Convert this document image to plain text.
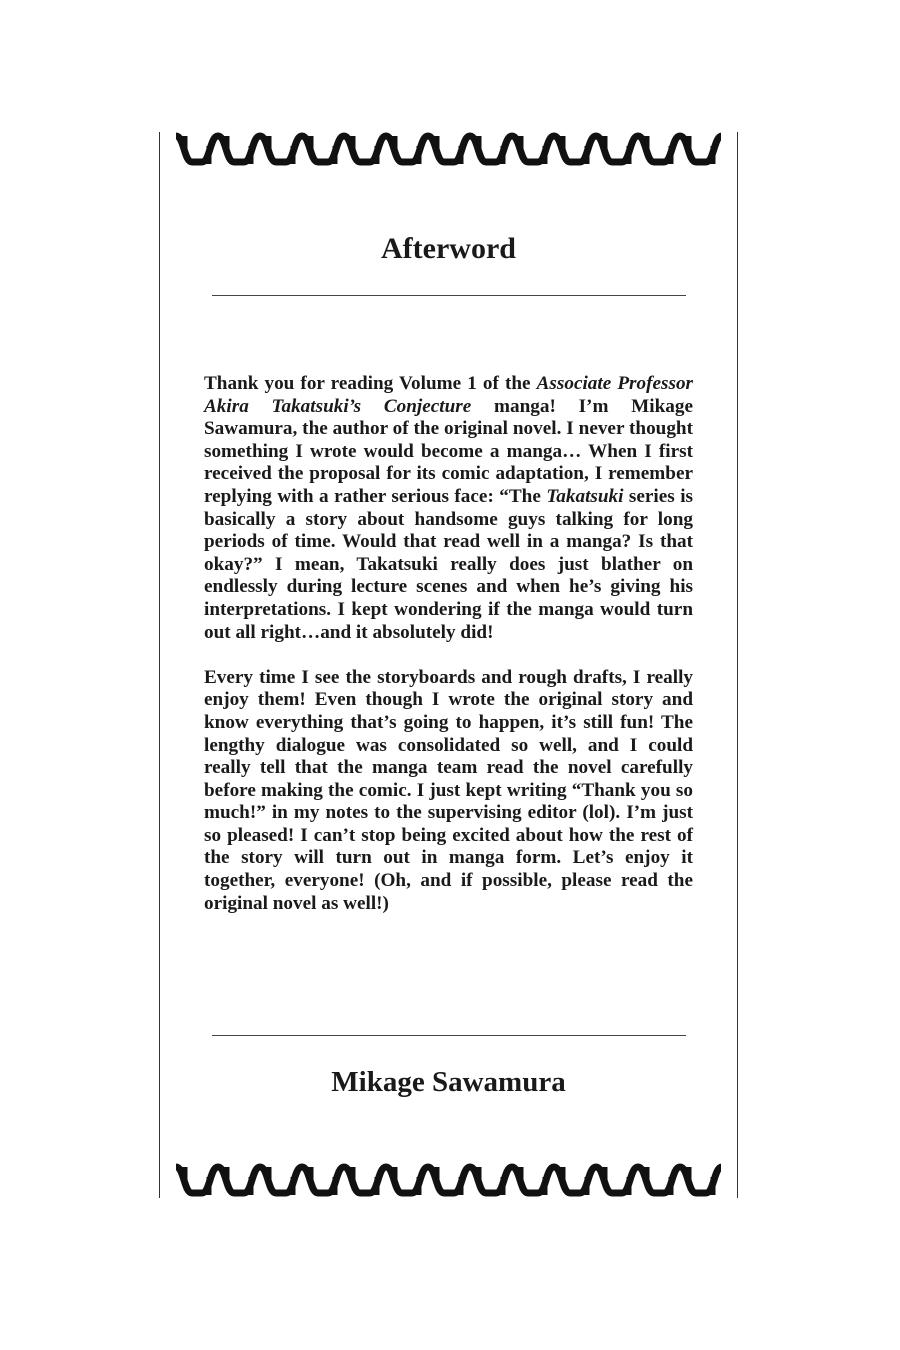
Afterword

Thank you for reading Volume 1 of the Associate Professor Akira Takatsuki’s Conjecture manga! I’m Mikage Sawamura, the author of the original novel. I never thought something I wrote would become a manga… When I first received the proposal for its comic adaptation, I remember replying with a rather serious face: “The Takatsuki series is basically a story about handsome guys talking for long periods of time. Would that read well in a manga? Is that okay?” I mean, Takatsuki really does just blather on endlessly during lecture scenes and when he’s giving his interpretations. I kept wondering if the manga would turn out all right…and it absolutely did!

Every time I see the storyboards and rough drafts, I really enjoy them! Even though I wrote the original story and know everything that’s going to happen, it’s still fun! The lengthy dialogue was consolidated so well, and I could really tell that the manga team read the novel carefully before making the comic. I just kept writing “Thank you so much!” in my notes to the supervising editor (lol). I’m just so pleased! I can’t stop being excited about how the rest of the story will turn out in manga form. Let’s enjoy it together, everyone! (Oh, and if possible, please read the original novel as well!)

Mikage Sawamura
